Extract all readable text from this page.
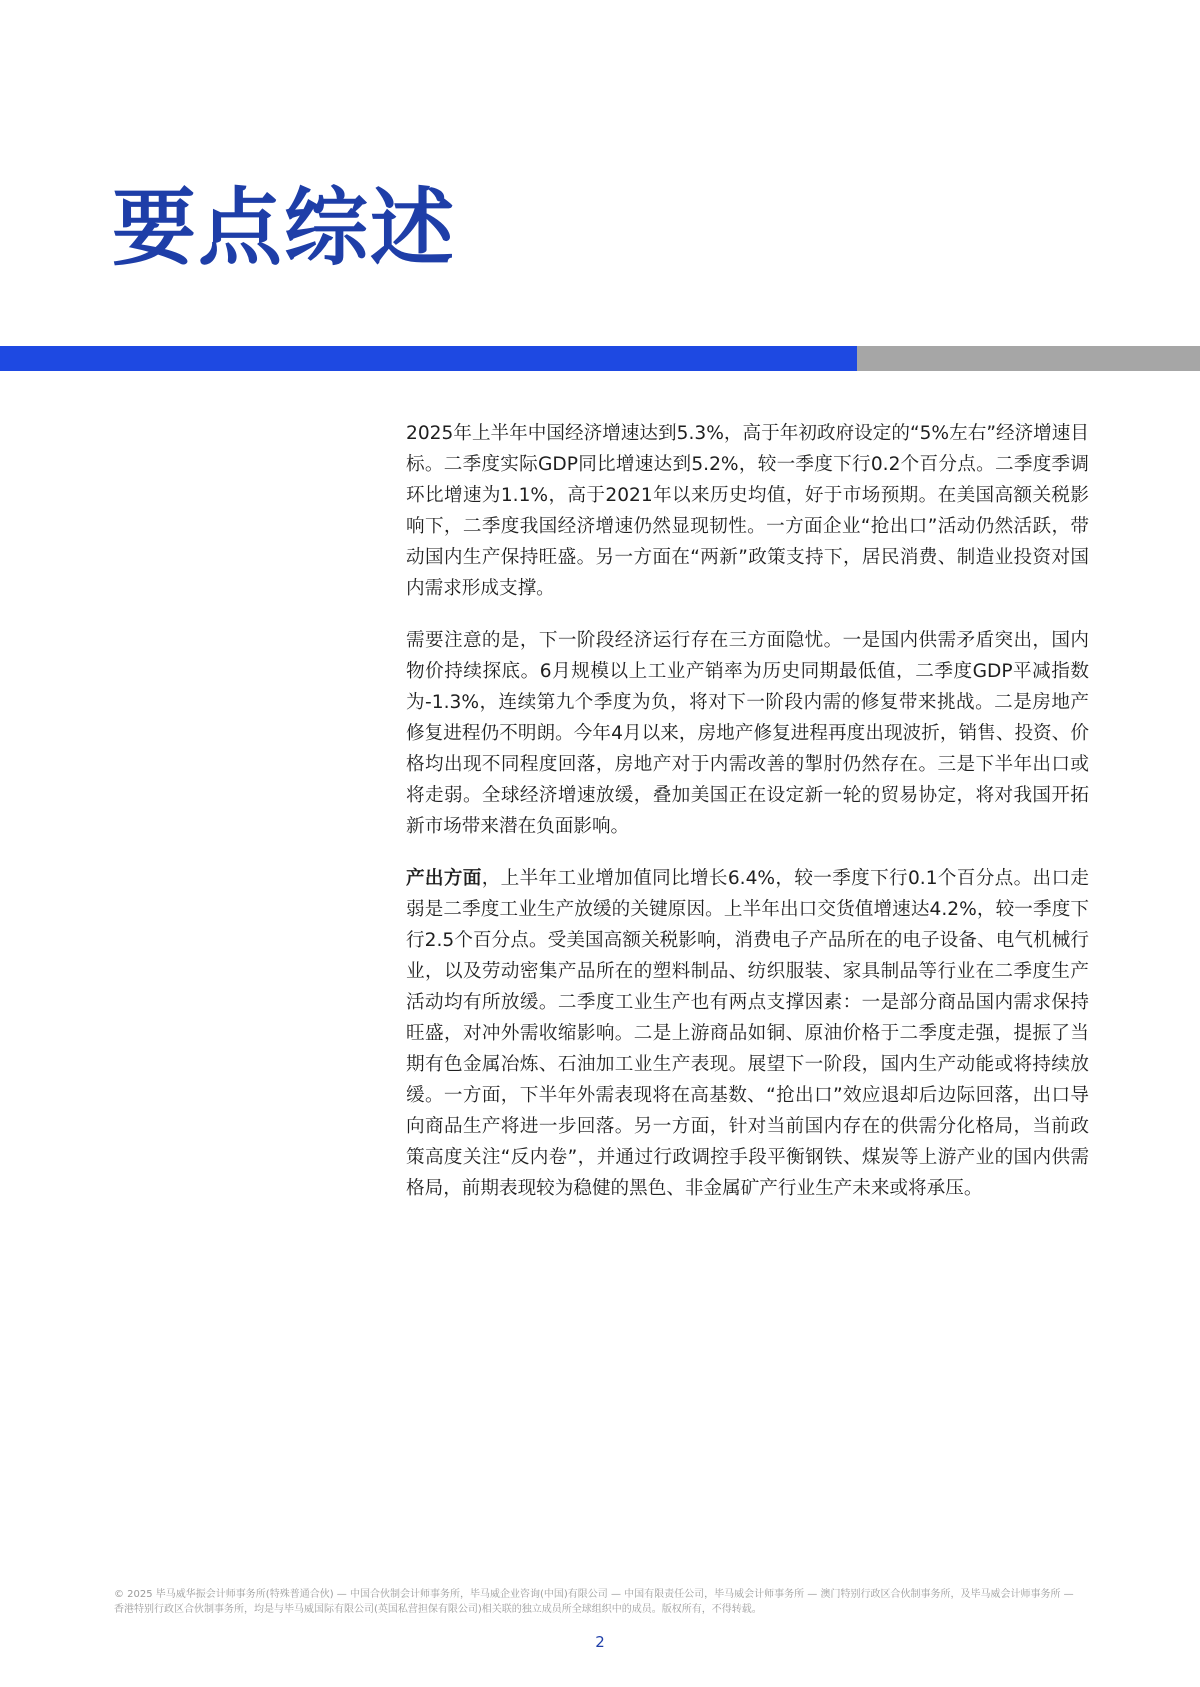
要点综述

2025年上半年中国经济增速达到5.3%，高于年初政府设定的“5%左右”经济增速目标。二季度实际GDP同比增速达到5.2%，较一季度下行0.2个百分点。二季度季调环比增速为1.1%，高于2021年以来历史均值，好于市场预期。在美国高额关税影响下，二季度我国经济增速仍然显现韧性。一方面企业“抢出口”活动仍然活跃，带动国内生产保持旺盛。另一方面在“两新”政策支持下，居民消费、制造业投资对国内需求形成支撑。

需要注意的是，下一阶段经济运行存在三方面隐忧。一是国内供需矛盾突出，国内物价持续探底。6月规模以上工业产销率为历史同期最低值，二季度GDP平减指数为-1.3%，连续第九个季度为负，将对下一阶段内需的修复带来挑战。二是房地产修复进程仍不明朗。今年4月以来，房地产修复进程再度出现波折，销售、投资、价格均出现不同程度回落，房地产对于内需改善的掣肘仍然存在。三是下半年出口或将走弱。全球经济增速放缓，叠加美国正在设定新一轮的贸易协定，将对我国开拓新市场带来潜在负面影响。

产出方面，上半年工业增加值同比增长6.4%，较一季度下行0.1个百分点。出口走弱是二季度工业生产放缓的关键原因。上半年出口交货值增速达4.2%，较一季度下行2.5个百分点。受美国高额关税影响，消费电子产品所在的电子设备、电气机械行业，以及劳动密集产品所在的塑料制品、纺织服装、家具制品等行业在二季度生产活动均有所放缓。二季度工业生产也有两点支撑因素：一是部分商品国内需求保持旺盛，对冲外需收缩影响。二是上游商品如铜、原油价格于二季度走强，提振了当期有色金属冶炼、石油加工业生产表现。展望下一阶段，国内生产动能或将持续放缓。一方面，下半年外需表现将在高基数、“抢出口”效应退却后边际回落，出口导向商品生产将进一步回落。另一方面，针对当前国内存在的供需分化格局，当前政策高度关注“反内卷”，并通过行政调控手段平衡钢铁、煤炭等上游产业的国内供需格局，前期表现较为稳健的黑色、非金属矿产行业生产未来或将承压。

© 2025 毕马威华振会计师事务所(特殊普通合伙) — 中国合伙制会计师事务所，毕马威企业咨询(中国)有限公司 — 中国有限责任公司，毕马威会计师事务所 — 澳门特别行政区合伙制事务所，及毕马威会计师事务所 — 香港特别行政区合伙制事务所，均是与毕马威国际有限公司(英国私营担保有限公司)相关联的独立成员所全球组织中的成员。版权所有，不得转载。

2
